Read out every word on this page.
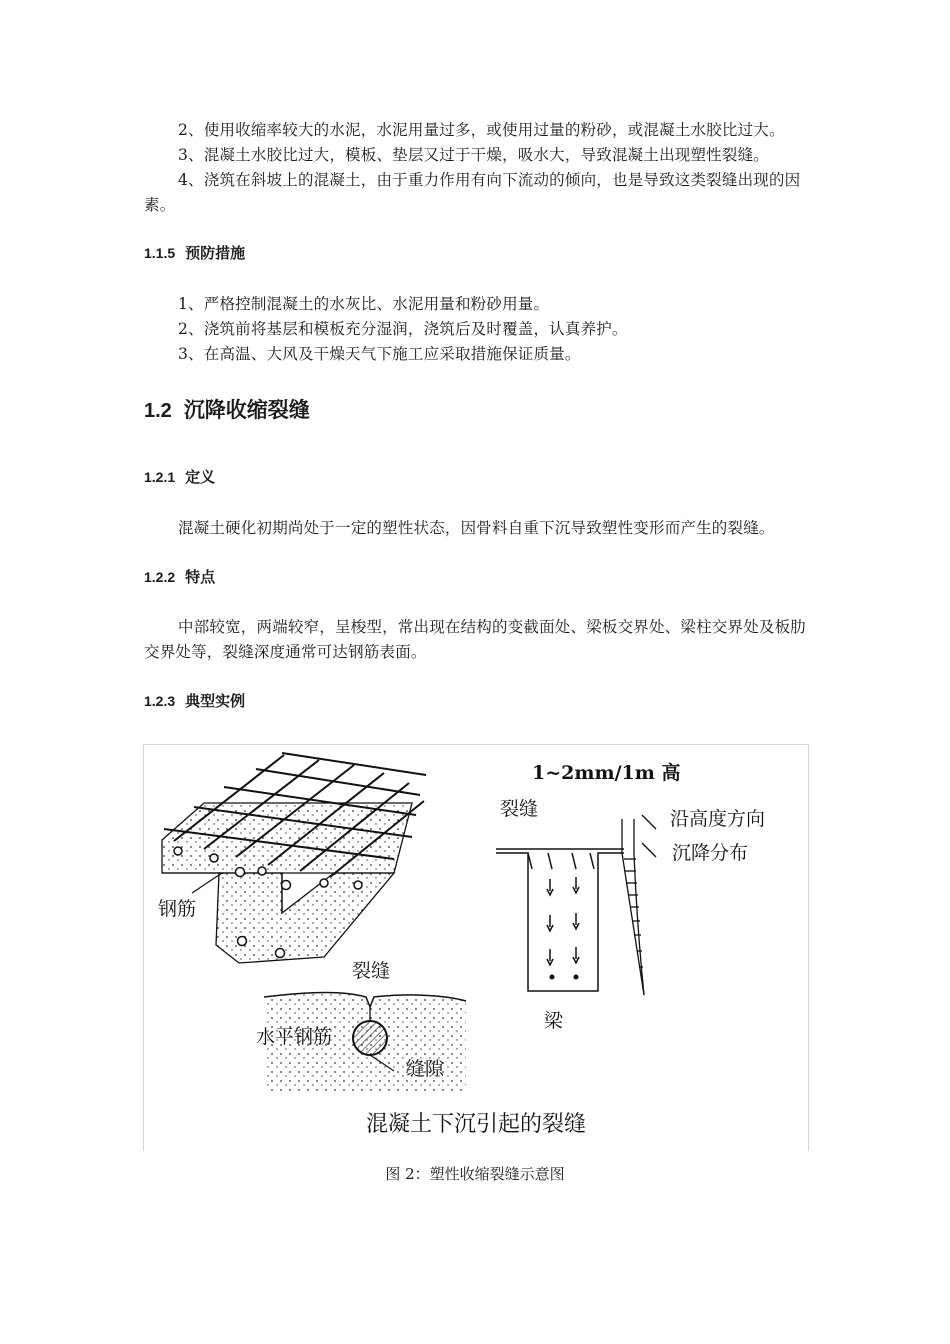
2、使用收缩率较大的水泥，水泥用量过多，或使用过量的粉砂，或混凝土水胶比过大。

3、混凝土水胶比过大，模板、垫层又过于干燥，吸水大，导致混凝土出现塑性裂缝。

4、浇筑在斜坡上的混凝土，由于重力作用有向下流动的倾向，也是导致这类裂缝出现的因素。

1.1.5 预防措施

1、严格控制混凝土的水灰比、水泥用量和粉砂用量。

2、浇筑前将基层和模板充分湿润，浇筑后及时覆盖，认真养护。

3、在高温、大风及干燥天气下施工应采取措施保证质量。

1.2 沉降收缩裂缝
1.2.1 定义

混凝土硬化初期尚处于一定的塑性状态，因骨料自重下沉导致塑性变形而产生的裂缝。

1.2.2 特点

中部较宽，两端较窄，呈梭型，常出现在结构的变截面处、梁板交界处、梁柱交界处及板肋交界处等，裂缝深度通常可达钢筋表面。

1.2.3 典型实例
钢筋
裂缝
水平钢筋
缝隙
1~2mm/1m 高
裂缝	沿高度方向
沉降分布
梁
混凝土下沉引起的裂缝
图 2：塑性收缩裂缝示意图
